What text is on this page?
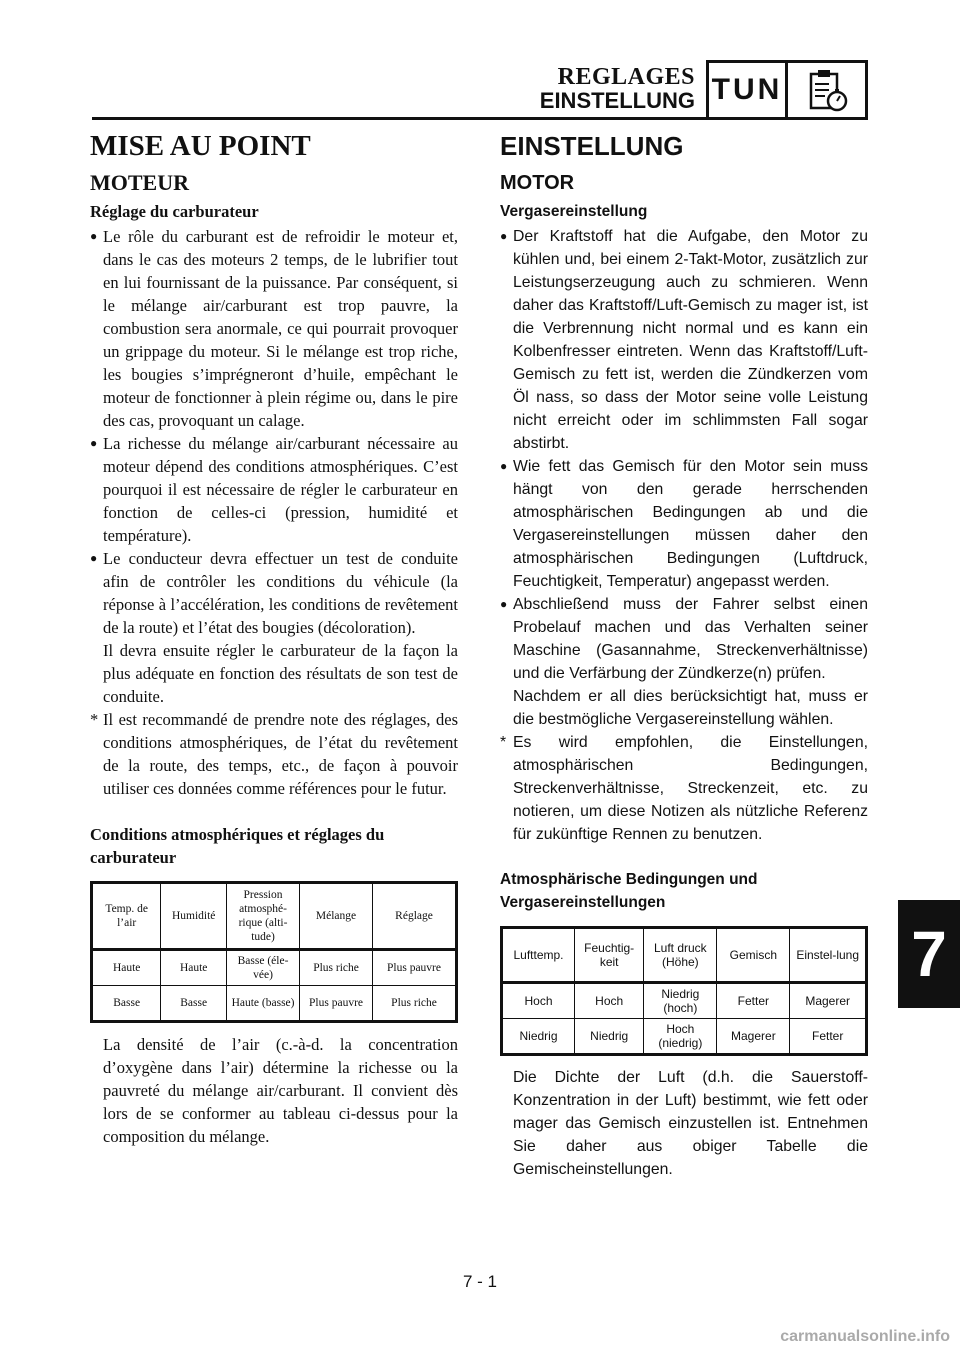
REGLAGES
EINSTELLUNG TUN
MISE AU POINT
MOTEUR
Réglage du carburateur

● Le rôle du carburant est de refroidir le moteur et, dans le cas des moteurs 2 temps, de le lubrifier tout en lui fournissant de la puissance. Par conséquent, si le mélange air/carburant est trop pauvre, la combustion sera anormale, ce qui pourrait provoquer un grippage du moteur. Si le mélange est trop riche, les bougies s’imprégneront d’huile, empêchant le moteur de fonctionner à plein régime ou, dans le pire des cas, provoquant un calage.

● La richesse du mélange air/carburant nécessaire au moteur dépend des conditions atmosphériques. C’est pourquoi il est nécessaire de régler le carburateur en fonction de celles-ci (pression, humidité et température).

● Le conducteur devra effectuer un test de conduite afin de contrôler les conditions du véhicule (la réponse à l’accélération, les conditions de revêtement de la route) et l’état des bougies (décoloration).

Il devra ensuite régler le carburateur de la façon la plus adéquate en fonction des résultats de son test de conduite.

* Il est recommandé de prendre note des réglages, des conditions atmosphériques, de l’état du revêtement de la route, des temps, etc., de façon à pouvoir utiliser ces données comme références pour le futur.

Conditions atmosphériques et réglages du carburateur
Temp. de l’air	Humidité	Pression atmosphé-rique (alti-tude)	Mélange	Réglage
Haute	Haute	Basse (éle-vée)	Plus riche	Plus pauvre
Basse	Basse	Haute (basse)	Plus pauvre	Plus riche

La densité de l’air (c.-à-d. la concentration d’oxygène dans l’air) détermine la richesse ou la pauvreté du mélange air/carburant. Il convient dès lors de se conformer au tableau ci-dessus pour la composition du mélange.

EINSTELLUNG
MOTOR
Vergasereinstellung

● Der Kraftstoff hat die Aufgabe, den Motor zu kühlen und, bei einem 2-Takt-Motor, zusätzlich zur Leistungserzeugung auch zu schmieren. Wenn daher das Kraftstoff/Luft-Gemisch zu mager ist, ist die Verbrennung nicht normal und es kann ein Kolbenfresser eintreten. Wenn das Kraftstoff/Luft-Gemisch zu fett ist, werden die Zündkerzen vom Öl nass, so dass der Motor seine volle Leistung nicht erreicht oder im schlimmsten Fall sogar abstirbt.

● Wie fett das Gemisch für den Motor sein muss hängt von den gerade herrschenden atmosphärischen Bedingungen ab und die Vergasereinstellungen müssen daher den atmosphärischen Bedingungen (Luftdruck, Feuchtigkeit, Temperatur) angepasst werden.

● Abschließend muss der Fahrer selbst einen Probelauf machen und das Verhalten seiner Maschine (Gasannahme, Streckenverhältnisse) und die Verfärbung der Zündkerze(n) prüfen.

Nachdem er all dies berücksichtigt hat, muss er die bestmögliche Vergasereinstellung wählen.

* Es wird empfohlen, die Einstellungen, atmosphärischen Bedingungen, Streckenverhältnisse, Streckenzeit, etc. zu notieren, um diese Notizen als nützliche Referenz für zukünftige Rennen zu benutzen.

Atmosphärische Bedingungen und Vergasereinstellungen
Lufttemp.	Feuchtig-keit	Luft druck (Höhe)	Gemisch	Einstel-lung
Hoch	Hoch	Niedrig (hoch)	Fetter	Magerer
Niedrig	Niedrig	Hoch (niedrig)	Magerer	Fetter

Die Dichte der Luft (d.h. die Sauerstoff-Konzentration in der Luft) bestimmt, wie fett oder mager das Gemisch einzustellen ist. Entnehmen Sie daher aus obiger Tabelle die Gemischeinstellungen.

7
7 - 1
carmanualsonline.info
